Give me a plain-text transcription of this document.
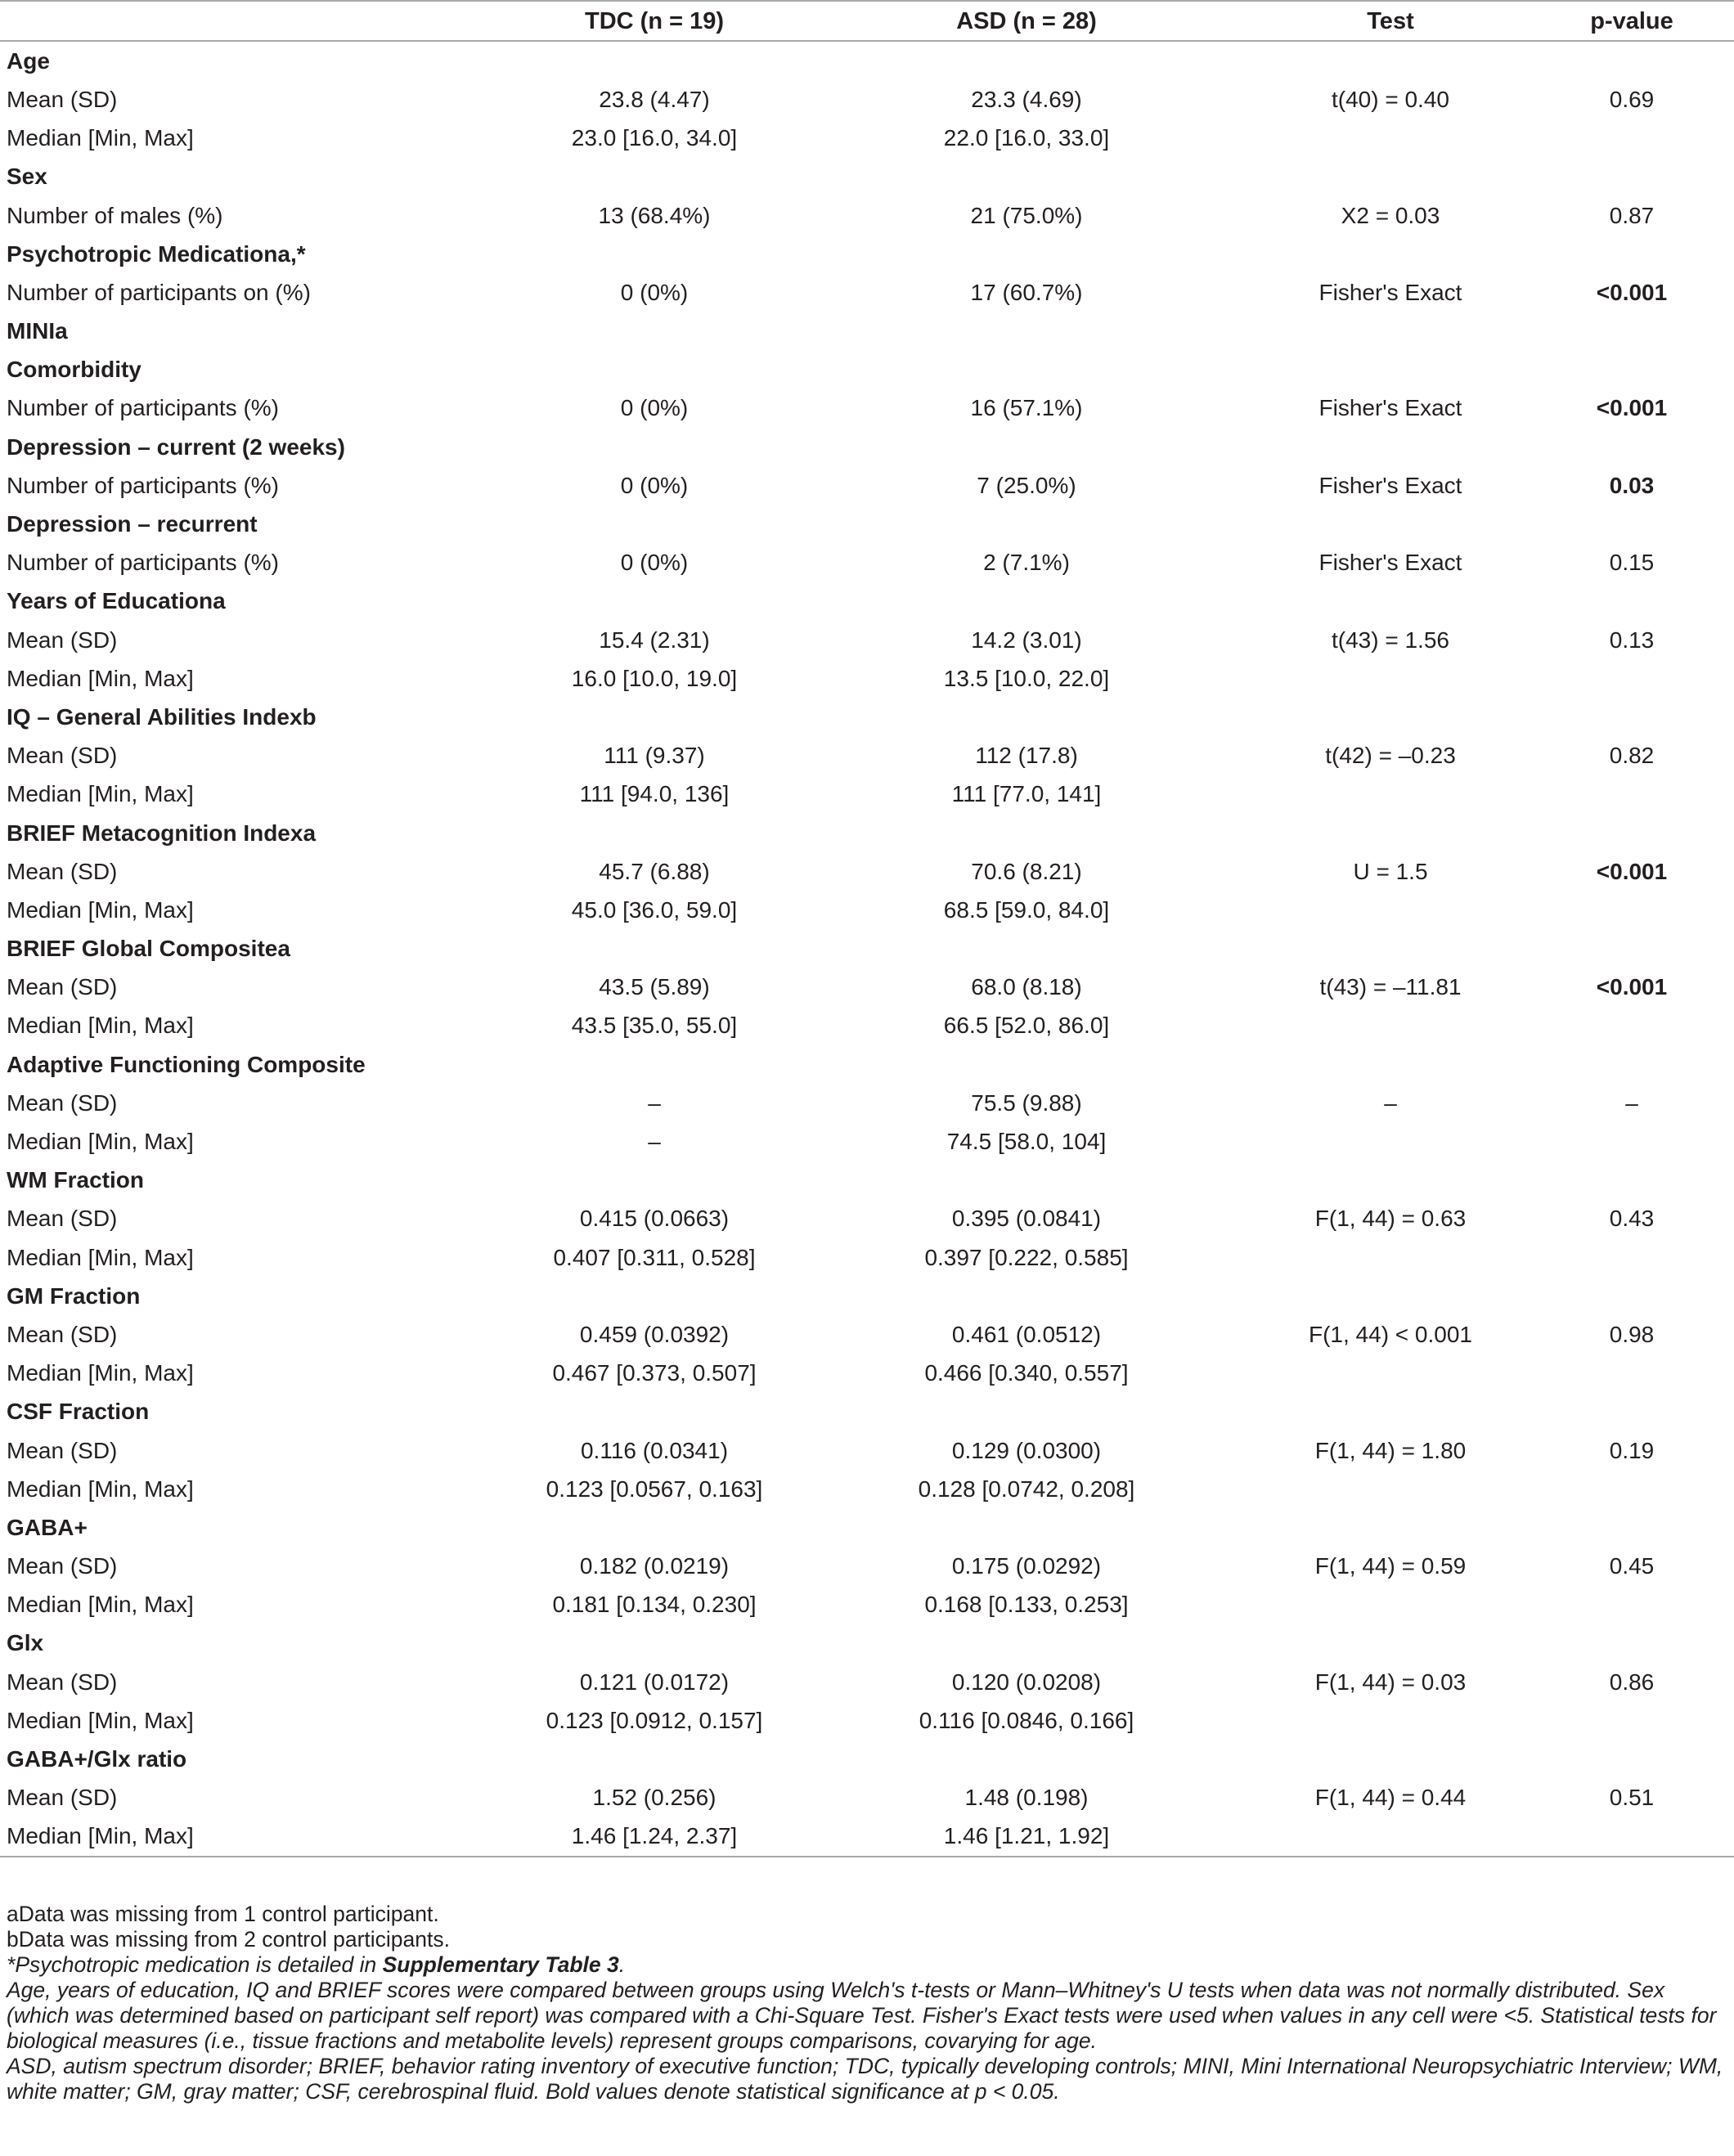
	TDC (n = 19)	ASD (n = 28)	Test	p-value
Age				
Mean (SD)	23.8 (4.47)	23.3 (4.69)	t(40) = 0.40	0.69
Median [Min, Max]	23.0 [16.0, 34.0]	22.0 [16.0, 33.0]		
Sex				
Number of males (%)	13 (68.4%)	21 (75.0%)	X2 = 0.03	0.87
Psychotropic Medicationa,*				
Number of participants on (%)	0 (0%)	17 (60.7%)	Fisher's Exact	<0.001
MINIa				
Comorbidity				
Number of participants (%)	0 (0%)	16 (57.1%)	Fisher's Exact	<0.001
Depression – current (2 weeks)				
Number of participants (%)	0 (0%)	7 (25.0%)	Fisher's Exact	0.03
Depression – recurrent				
Number of participants (%)	0 (0%)	2 (7.1%)	Fisher's Exact	0.15
Years of Educationa				
Mean (SD)	15.4 (2.31)	14.2 (3.01)	t(43) = 1.56	0.13
Median [Min, Max]	16.0 [10.0, 19.0]	13.5 [10.0, 22.0]		
IQ – General Abilities Indexb				
Mean (SD)	111 (9.37)	112 (17.8)	t(42) = –0.23	0.82
Median [Min, Max]	111 [94.0, 136]	111 [77.0, 141]		
BRIEF Metacognition Indexa				
Mean (SD)	45.7 (6.88)	70.6 (8.21)	U = 1.5	<0.001
Median [Min, Max]	45.0 [36.0, 59.0]	68.5 [59.0, 84.0]		
BRIEF Global Compositea				
Mean (SD)	43.5 (5.89)	68.0 (8.18)	t(43) = –11.81	<0.001
Median [Min, Max]	43.5 [35.0, 55.0]	66.5 [52.0, 86.0]		
Adaptive Functioning Composite				
Mean (SD)	–	75.5 (9.88)	–	–
Median [Min, Max]	–	74.5 [58.0, 104]		
WM Fraction				
Mean (SD)	0.415 (0.0663)	0.395 (0.0841)	F(1, 44) = 0.63	0.43
Median [Min, Max]	0.407 [0.311, 0.528]	0.397 [0.222, 0.585]		
GM Fraction				
Mean (SD)	0.459 (0.0392)	0.461 (0.0512)	F(1, 44) < 0.001	0.98
Median [Min, Max]	0.467 [0.373, 0.507]	0.466 [0.340, 0.557]		
CSF Fraction				
Mean (SD)	0.116 (0.0341)	0.129 (0.0300)	F(1, 44) = 1.80	0.19
Median [Min, Max]	0.123 [0.0567, 0.163]	0.128 [0.0742, 0.208]		
GABA+				
Mean (SD)	0.182 (0.0219)	0.175 (0.0292)	F(1, 44) = 0.59	0.45
Median [Min, Max]	0.181 [0.134, 0.230]	0.168 [0.133, 0.253]		
Glx				
Mean (SD)	0.121 (0.0172)	0.120 (0.0208)	F(1, 44) = 0.03	0.86
Median [Min, Max]	0.123 [0.0912, 0.157]	0.116 [0.0846, 0.166]		
GABA+/Glx ratio				
Mean (SD)	1.52 (0.256)	1.48 (0.198)	F(1, 44) = 0.44	0.51
Median [Min, Max]	1.46 [1.24, 2.37]	1.46 [1.21, 1.92]		

aData was missing from 1 control participant.

bData was missing from 2 control participants.

*Psychotropic medication is detailed in Supplementary Table 3.

Age, years of education, IQ and BRIEF scores were compared between groups using Welch's t-tests or Mann–Whitney's U tests when data was not normally distributed. Sex (which was determined based on participant self report) was compared with a Chi-Square Test. Fisher's Exact tests were used when values in any cell were <5. Statistical tests for biological measures (i.e., tissue fractions and metabolite levels) represent groups comparisons, covarying for age.

ASD, autism spectrum disorder; BRIEF, behavior rating inventory of executive function; TDC, typically developing controls; MINI, Mini International Neuropsychiatric Interview; WM, white matter; GM, gray matter; CSF, cerebrospinal fluid. Bold values denote statistical significance at p < 0.05.
